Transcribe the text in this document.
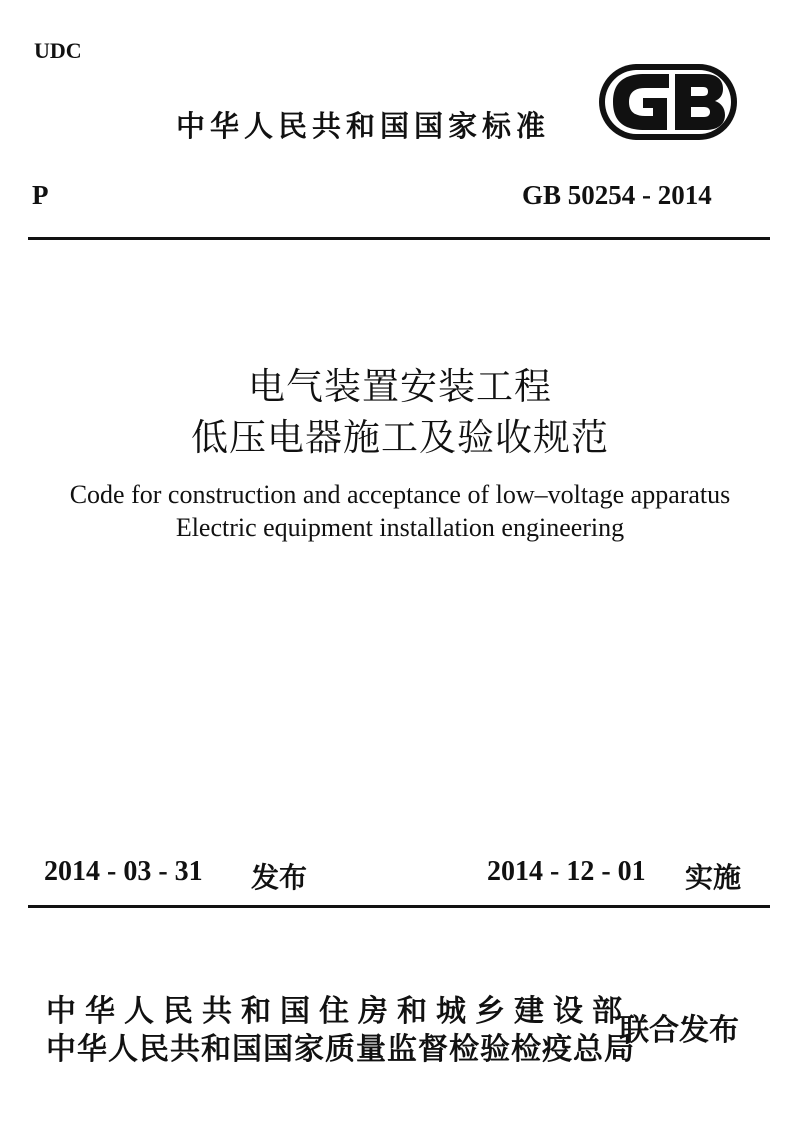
UDC
中华人民共和国国家标准
P	GB 50254 - 2014
电气装置安装工程
低压电器施工及验收规范
Code for construction and acceptance of low–voltage apparatus
Electric equipment installation engineering
2014 - 03 - 31 发布	2014 - 12 - 01 实施
中华人民共和国住房和城乡建设部
中华人民共和国国家质量监督检验检疫总局
联合发布
